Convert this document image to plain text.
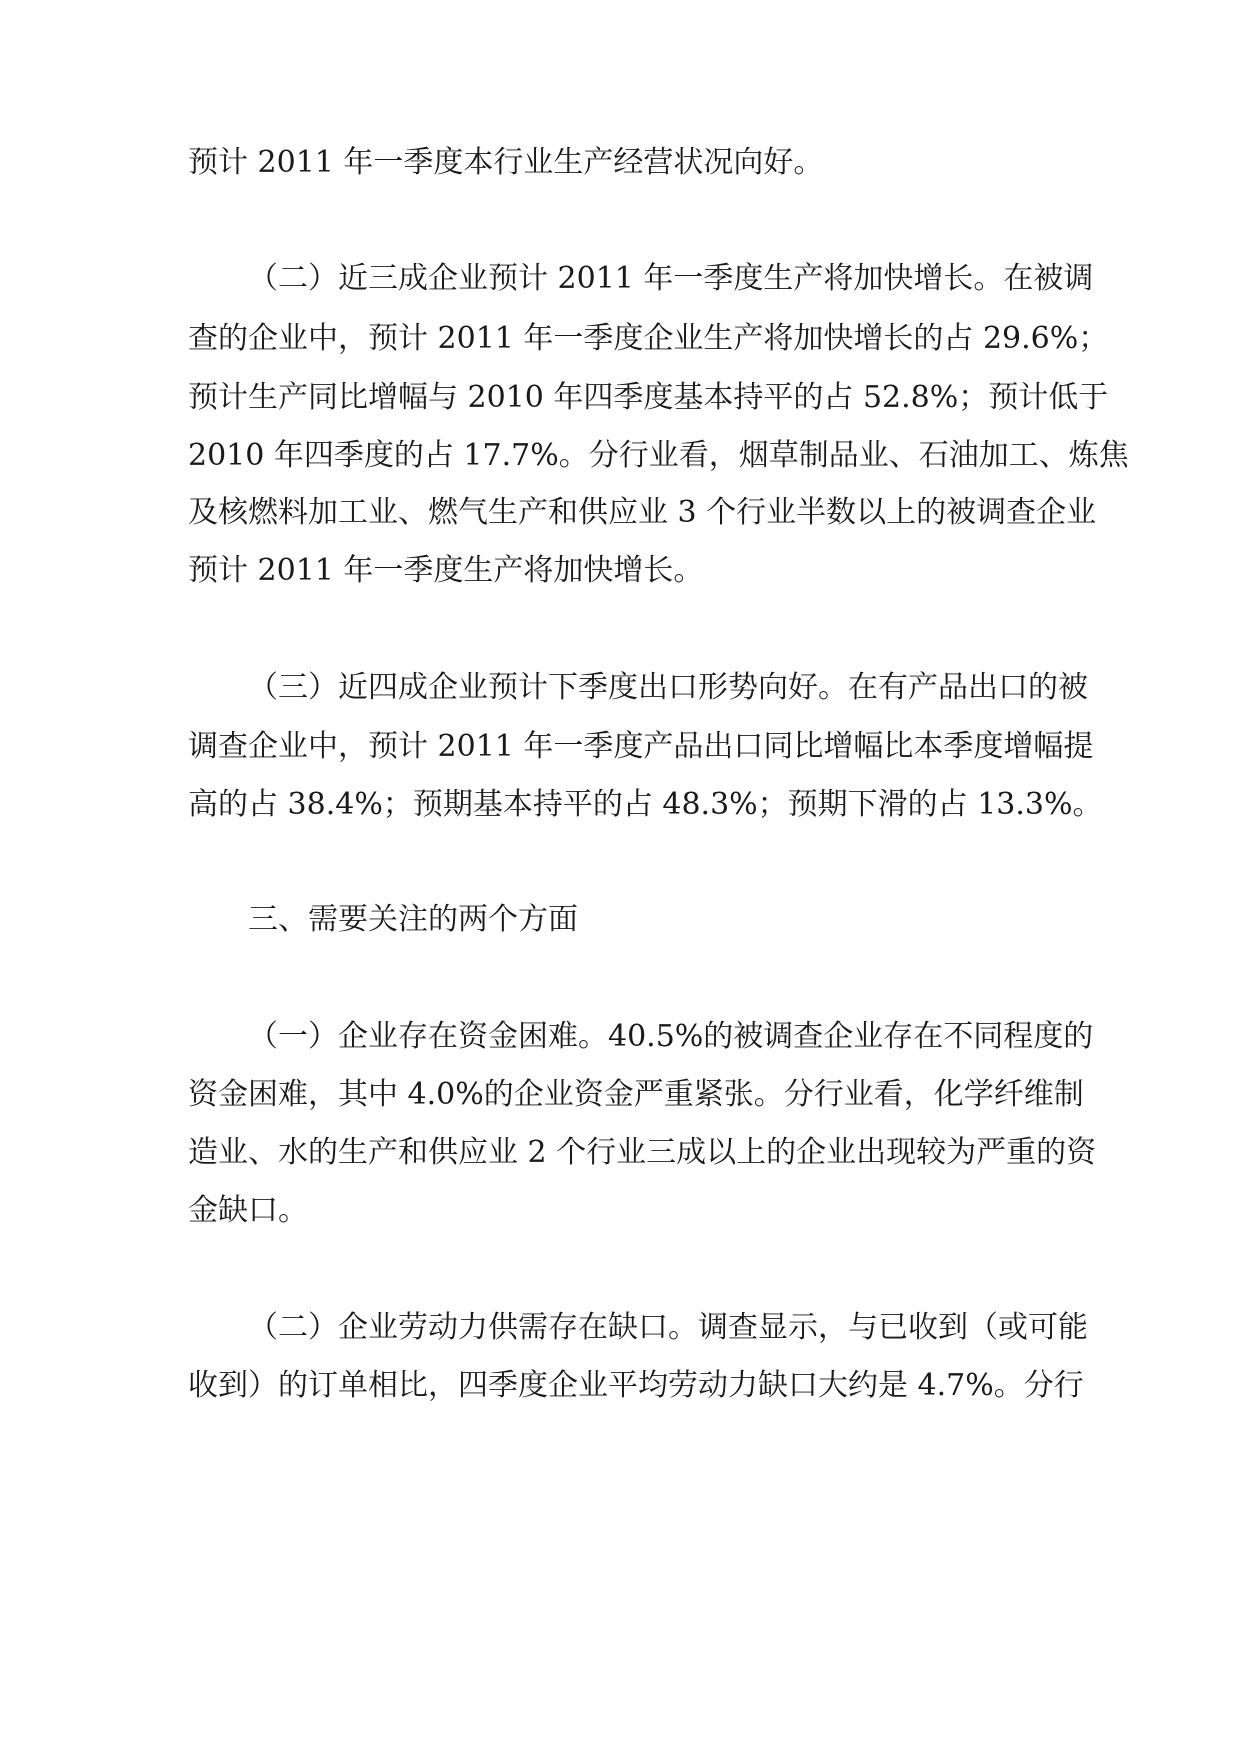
预计 2011 年一季度本行业生产经营状况向好。
（二）近三成企业预计 2011 年一季度生产将加快增长。在被调
查的企业中，预计 2011 年一季度企业生产将加快增长的占 29.6%；
预计生产同比增幅与 2010 年四季度基本持平的占 52.8%；预计低于
2010 年四季度的占 17.7%。分行业看，烟草制品业、石油加工、炼焦
及核燃料加工业、燃气生产和供应业 3 个行业半数以上的被调查企业
预计 2011 年一季度生产将加快增长。
（三）近四成企业预计下季度出口形势向好。在有产品出口的被
调查企业中，预计 2011 年一季度产品出口同比增幅比本季度增幅提
高的占 38.4%；预期基本持平的占 48.3%；预期下滑的占 13.3%。
三、需要关注的两个方面
（一）企业存在资金困难。40.5%的被调查企业存在不同程度的
资金困难，其中 4.0%的企业资金严重紧张。分行业看，化学纤维制
造业、水的生产和供应业 2 个行业三成以上的企业出现较为严重的资
金缺口。
（二）企业劳动力供需存在缺口。调查显示，与已收到（或可能
收到）的订单相比，四季度企业平均劳动力缺口大约是 4.7%。分行
